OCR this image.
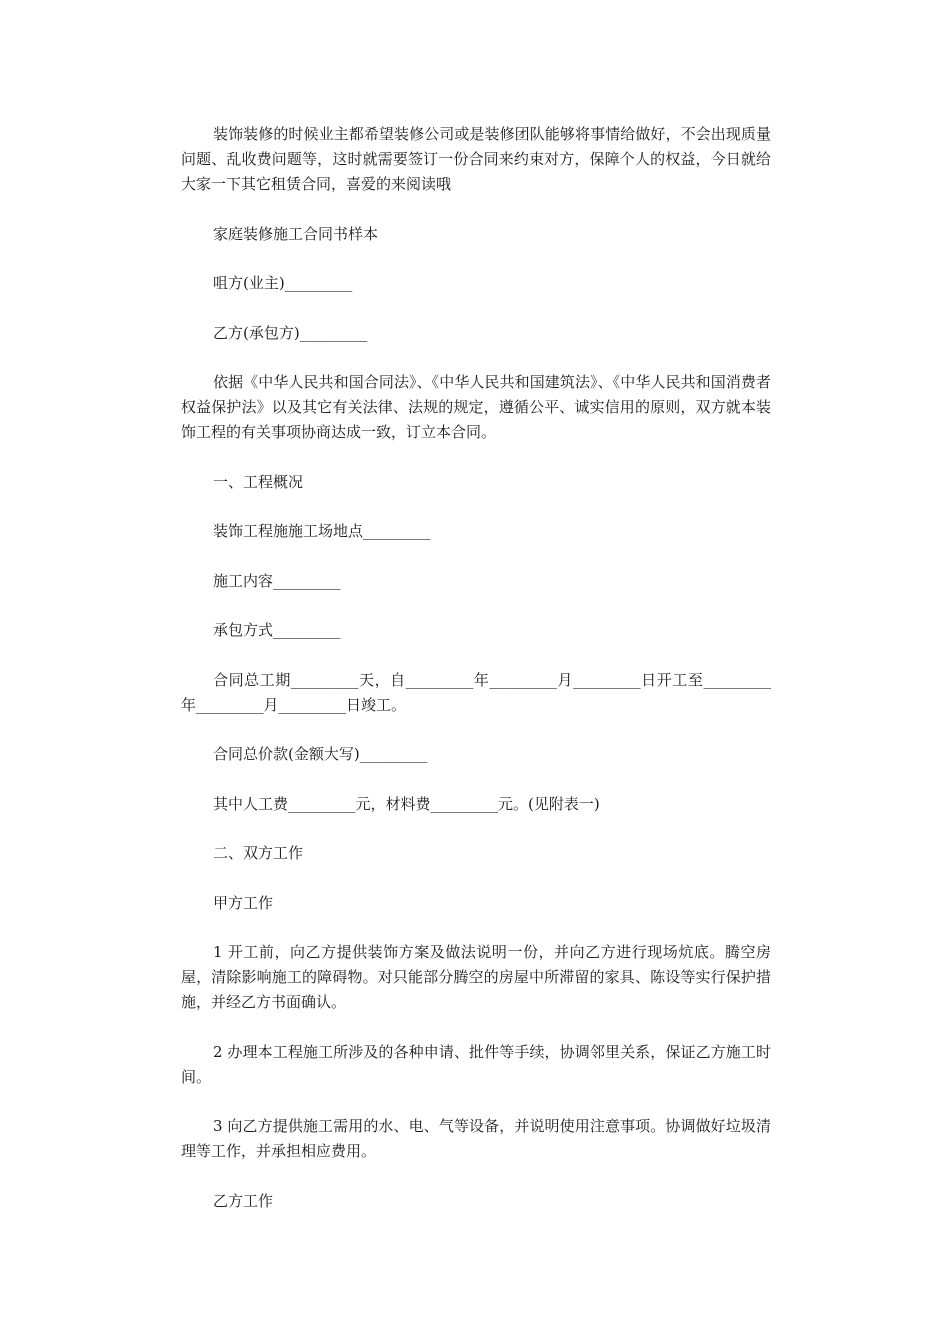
装饰装修的时候业主都希望装修公司或是装修团队能够将事情给做好，不会出现质量问题、乱收费问题等，这时就需要签订一份合同来约束对方，保障个人的权益，今日就给大家一下其它租赁合同，喜爱的来阅读哦

家庭装修施工合同书样本

咀方(业主)_________

乙方(承包方)_________

依据《中华人民共和国合同法》、《中华人民共和国建筑法》、《中华人民共和国消费者权益保护法》以及其它有关法律、法规的规定，遵循公平、诚实信用的原则，双方就本装饰工程的有关事项协商达成一致，订立本合同。

一、工程概况

装饰工程施施工场地点_________

施工内容_________

承包方式_________

合同总工期_________天，自_________年_________月_________日开工至_________年_________月_________日竣工。

合同总价款(金额大写)_________

其中人工费_________元，材料费_________元。(见附表一)

二、双方工作

甲方工作

1 开工前，向乙方提供装饰方案及做法说明一份，并向乙方进行现场炕底。腾空房屋，清除影响施工的障碍物。对只能部分腾空的房屋中所滞留的家具、陈设等实行保护措施，并经乙方书面确认。

2 办理本工程施工所涉及的各种申请、批件等手续，协调邻里关系，保证乙方施工时间。

3 向乙方提供施工需用的水、电、气等设备，并说明使用注意事项。协调做好垃圾清理等工作，并承担相应费用。

乙方工作
